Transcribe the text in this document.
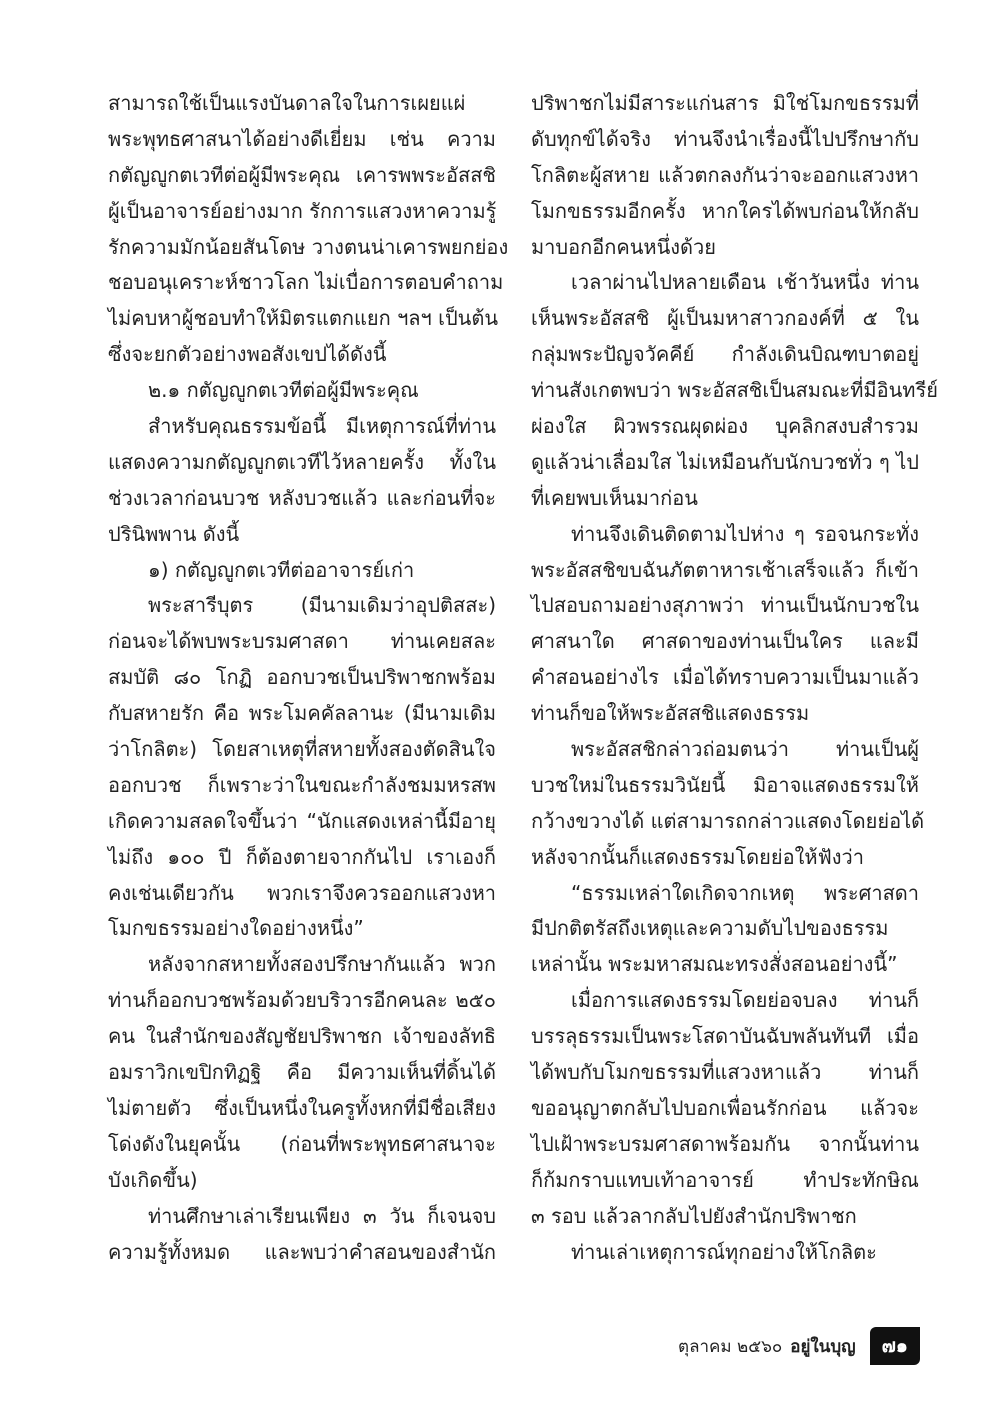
สามารถใช้เป็นแรงบันดาลใจในการเผยแผ่
พระพุทธศาสนาได้อย่างดีเยี่ยม เช่น ความ
กตัญญูกตเวทีต่อผู้มีพระคุณ เคารพพระอัสสชิ
ผู้เป็นอาจารย์อย่างมาก รักการแสวงหาความรู้
รักความมักน้อยสันโดษ วางตนน่าเคารพยกย่อง
ชอบอนุเคราะห์ชาวโลก ไม่เบื่อการตอบคำถาม
ไม่คบหาผู้ชอบทำให้มิตรแตกแยก ฯลฯ เป็นต้น
ซึ่งจะยกตัวอย่างพอสังเขปได้ดังนี้
๒.๑ กตัญญูกตเวทีต่อผู้มีพระคุณ
สำหรับคุณธรรมข้อนี้ มีเหตุการณ์ที่ท่าน
แสดงความกตัญญูกตเวทีไว้หลายครั้ง ทั้งใน
ช่วงเวลาก่อนบวช หลังบวชแล้ว และก่อนที่จะ
ปรินิพพาน ดังนี้
๑) กตัญญูกตเวทีต่ออาจารย์เก่า
พระสารีบุตร (มีนามเดิมว่าอุปติสสะ)
ก่อนจะได้พบพระบรมศาสดา ท่านเคยสละ
สมบัติ ๘๐ โกฏิ ออกบวชเป็นปริพาชกพร้อม
กับสหายรัก คือ พระโมคคัลลานะ (มีนามเดิม
ว่าโกลิตะ) โดยสาเหตุที่สหายทั้งสองตัดสินใจ
ออกบวช ก็เพราะว่าในขณะกำลังชมมหรสพ
เกิดความสลดใจขึ้นว่า “นักแสดงเหล่านี้มีอายุ
ไม่ถึง ๑๐๐ ปี ก็ต้องตายจากกันไป เราเองก็
คงเช่นเดียวกัน พวกเราจึงควรออกแสวงหา
โมกขธรรมอย่างใดอย่างหนึ่ง”
หลังจากสหายทั้งสองปรึกษากันแล้ว พวก
ท่านก็ออกบวชพร้อมด้วยบริวารอีกคนละ ๒๕๐
คน ในสำนักของสัญชัยปริพาชก เจ้าของลัทธิ
อมราวิกเขปิกทิฏฐิ คือ มีความเห็นที่ดิ้นได้
ไม่ตายตัว ซึ่งเป็นหนึ่งในครูทั้งหกที่มีชื่อเสียง
โด่งดังในยุคนั้น (ก่อนที่พระพุทธศาสนาจะ
บังเกิดขึ้น)
ท่านศึกษาเล่าเรียนเพียง ๓ วัน ก็เจนจบ
ความรู้ทั้งหมด และพบว่าคำสอนของสำนัก
ปริพาชกไม่มีสาระแก่นสาร มิใช่โมกขธรรมที่
ดับทุกข์ได้จริง ท่านจึงนำเรื่องนี้ไปปรึกษากับ
โกลิตะผู้สหาย แล้วตกลงกันว่าจะออกแสวงหา
โมกขธรรมอีกครั้ง หากใครได้พบก่อนให้กลับ
มาบอกอีกคนหนึ่งด้วย
เวลาผ่านไปหลายเดือน เช้าวันหนึ่ง ท่าน
เห็นพระอัสสชิ ผู้เป็นมหาสาวกองค์ที่ ๕ ใน
กลุ่มพระปัญจวัคคีย์ กำลังเดินบิณฑบาตอยู่
ท่านสังเกตพบว่า พระอัสสชิเป็นสมณะที่มีอินทรีย์
ผ่องใส ผิวพรรณผุดผ่อง บุคลิกสงบสำรวม
ดูแล้วน่าเลื่อมใส ไม่เหมือนกับนักบวชทั่ว ๆ ไป
ที่เคยพบเห็นมาก่อน
ท่านจึงเดินติดตามไปห่าง ๆ รอจนกระทั่ง
พระอัสสชิขบฉันภัตตาหารเช้าเสร็จแล้ว ก็เข้า
ไปสอบถามอย่างสุภาพว่า ท่านเป็นนักบวชใน
ศาสนาใด ศาสดาของท่านเป็นใคร และมี
คำสอนอย่างไร เมื่อได้ทราบความเป็นมาแล้ว
ท่านก็ขอให้พระอัสสชิแสดงธรรม
พระอัสสชิกล่าวถ่อมตนว่า ท่านเป็นผู้
บวชใหม่ในธรรมวินัยนี้ มิอาจแสดงธรรมให้
กว้างขวางได้ แต่สามารถกล่าวแสดงโดยย่อได้
หลังจากนั้นก็แสดงธรรมโดยย่อให้ฟังว่า
“ธรรมเหล่าใดเกิดจากเหตุ พระศาสดา
มีปกติตรัสถึงเหตุและความดับไปของธรรม
เหล่านั้น พระมหาสมณะทรงสั่งสอนอย่างนี้”
เมื่อการแสดงธรรมโดยย่อจบลง ท่านก็
บรรลุธรรมเป็นพระโสดาบันฉับพลันทันที เมื่อ
ได้พบกับโมกขธรรมที่แสวงหาแล้ว ท่านก็
ขออนุญาตกลับไปบอกเพื่อนรักก่อน แล้วจะ
ไปเฝ้าพระบรมศาสดาพร้อมกัน จากนั้นท่าน
ก็ก้มกราบแทบเท้าอาจารย์ ทำประทักษิณ
๓ รอบ แล้วลากลับไปยังสำนักปริพาชก
ท่านเล่าเหตุการณ์ทุกอย่างให้โกลิตะ
ตุลาคม ๒๕๖๐ อยู่ในบุญ	๗๑
